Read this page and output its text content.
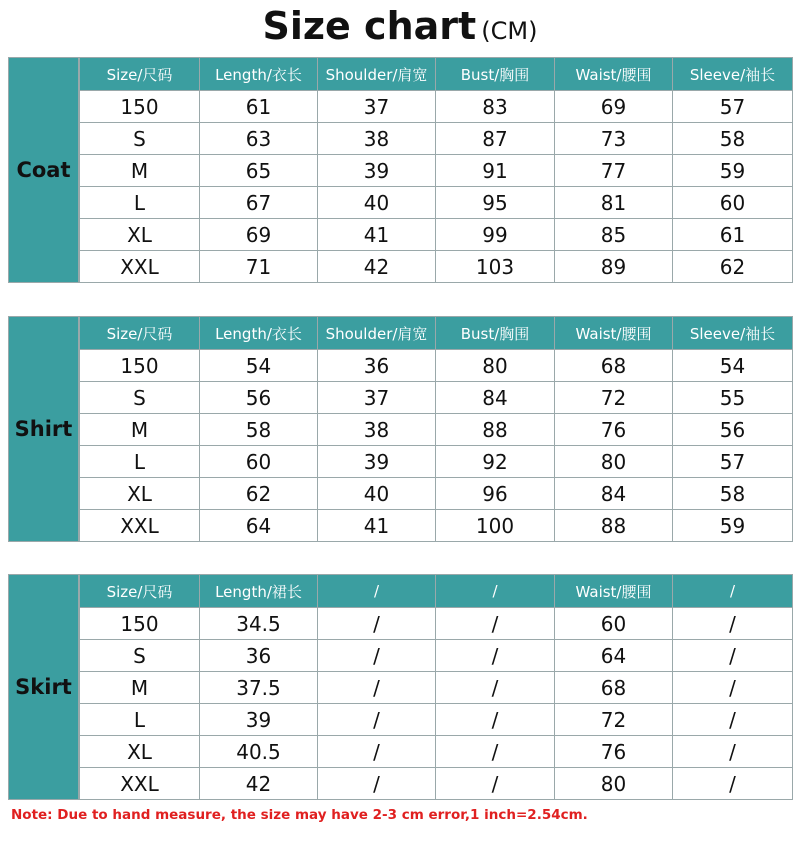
Size chart (CM)
Coat
Size/尺码	Length/衣长	Shoulder/肩宽	Bust/胸围	Waist/腰围	Sleeve/袖长
150	61	37	83	69	57
S	63	38	87	73	58
M	65	39	91	77	59
L	67	40	95	81	60
XL	69	41	99	85	61
XXL	71	42	103	89	62
Shirt
Size/尺码	Length/衣长	Shoulder/肩宽	Bust/胸围	Waist/腰围	Sleeve/袖长
150	54	36	80	68	54
S	56	37	84	72	55
M	58	38	88	76	56
L	60	39	92	80	57
XL	62	40	96	84	58
XXL	64	41	100	88	59
Skirt
Size/尺码	Length/裙长	/	/	Waist/腰围	/
150	34.5	/	/	60	/
S	36	/	/	64	/
M	37.5	/	/	68	/
L	39	/	/	72	/
XL	40.5	/	/	76	/
XXL	42	/	/	80	/
Note: Due to hand measure, the size may have 2-3 cm error,1 inch=2.54cm.
